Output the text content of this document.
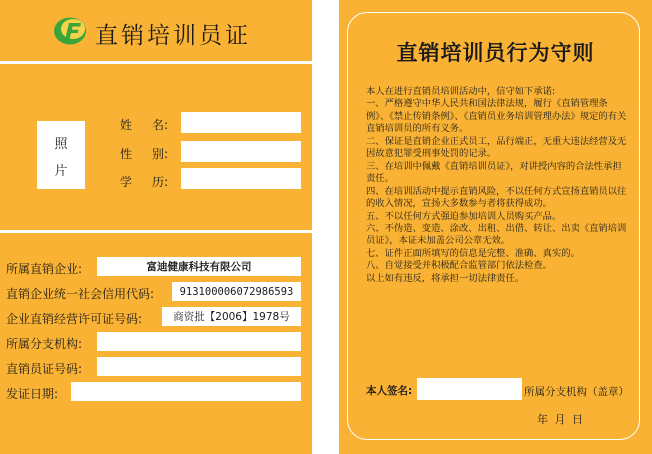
直销培训员证
照
片
姓 名:
性 别:
学 历:
所属直销企业:	富迪健康科技有限公司
直销企业统一社会信用代码:	913100006072986593
企业直销经营许可证号码:	商资批【2006】1978号
所属分支机构:
直销员证号码:
发证日期:
直销培训员行为守则

本人在进行直销员培训活动中，信守如下承诺:

一、严格遵守中华人民共和国法律法规，履行《直销管理条例》、《禁止传销条例》、《直销员业务培训管理办法》规定的有关直销培训员的所有义务。

二、保证是直销企业正式员工，品行端正，无重大违法经营及无因故意犯罪受刑事处罚的记录。

三、在培训中佩戴《直销培训员证》，对讲授内容的合法性承担责任。

四、在培训活动中提示直销风险，不以任何方式宣扬直销员以往的收入情况，宣扬大多数参与者将获得成功。

五、不以任何方式强迫参加培训人员购买产品。

六、不伪造、变造、涂改、出租、出借、转让、出卖《直销培训员证》，本证未加盖公司公章无效。

七、证件正面所填写的信息是完整、准确、真实的。

八、自觉接受并积极配合监管部门依法检查。

以上如有违反，将承担一切法律责任。

本人签名:	所属分支机构（盖章）
年 月 日
